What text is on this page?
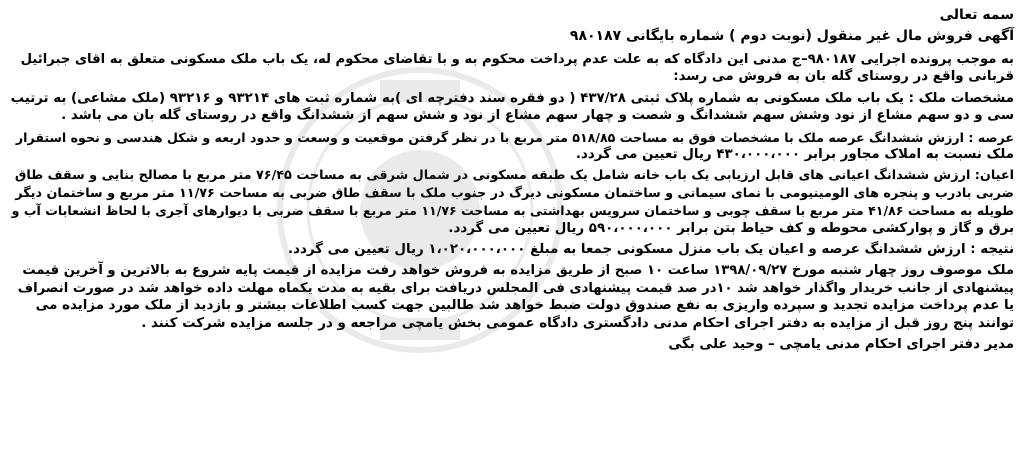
سمه تعالی

آگهی فروش مال غیر منقول (نوبت دوم ) شماره بایگانی ۹۸۰۱۸۷

به موجب پرونده اجرایی ۹۸۰۱۸۷–ج مدنی این دادگاه که به علت عدم پرداخت محکوم به و با تقاضای محکوم له، یک باب ملک مسکونی متعلق به اقای جبرائیل

قربانی واقع در روستای گله بان به فروش می رسد:

مشخصات ملک : یک باب ملک مسکونی به شماره پلاک ثبتی ۴۳۷/۲۸ ( دو فقره سند دفترچه ای )به شماره ثبت های ۹۳۲۱۴ و ۹۳۲۱۶ (ملک مشاعی) به ترتیب

سی و دو سهم مشاع از نود وشش سهم ششدانگ و شصت و چهار سهم مشاع از نود و شش سهم از ششدانگ واقع در روستای گله بان می باشد .

عرصه : ارزش ششدانگ عرصه ملک با مشخصات فوق به مساحت ۵۱۸/۸۵ متر مربع با در نظر گرفتن موقعیت و وسعت و حدود اربعه و شکل هندسی و نحوه استقرار

ملک نسبت به املاک مجاور برابر ۴۳۰،۰۰۰،۰۰۰ ریال تعیین می گردد.

اعیان: ارزش ششدانگ اعیانی های قابل ارزیابی یک باب خانه شامل یک طبقه مسکونی در شمال شرقی به مساحت ۷۶/۴۵ متر مربع با مصالح بنایی و سقف طاق

ضربی بادرب و پنجره های الومینیومی با نمای سیمانی و ساختمان مسکونی دیرگ در جنوب ملک با سقف طاق ضربی به مساحت ۱۱/۷۶ متر مربع و ساختمان دیگر

طویله به مساحت ۴۱/۸۶ متر مربع با سقف چوبی و ساختمان سرویس بهداشتی به مساحت ۱۱/۷۶ متر مربع با سقف ضربی با دیوارهای آجری با لحاظ انشعابات آب و

برق و گاز و پوارکشی محوطه و کف حیاط بتن برابر ۵۹۰،۰۰۰،۰۰۰ ریال تعیین می گردد.

نتیجه : ارزش ششدانگ عرصه و اعیان یک باب منزل مسکونی جمعا به مبلغ ۱،۰۲۰،۰۰۰،۰۰۰ ریال تعیین می گردد.

ملک موصوف روز چهار شنبه مورخ ۱۳۹۸/۰۹/۲۷ ساعت ۱۰ صبح از طریق مزایده به فروش خواهد رفت مزایده از قیمت پایه شروع به بالاترین و آخرین قیمت

پیشنهادی از جانب خریدار واگذار خواهد شد ۱۰در صد قیمت پیشنهادی فی المجلس دریافت برای بقیه به مدت یکماه مهلت داده خواهد شد در صورت انصراف

یا عدم پرداخت مزایده تجدید و سپرده واریزی به نفع صندوق دولت ضبط خواهد شد طالبین جهت کسب اطلاعات بیشتر و بازدید از ملک مورد مزایده می

توانند پنج روز قبل از مزایده به دفتر اجرای احکام مدنی دادگستری دادگاه عمومی بخش یامچی مراجعه و در جلسه مزایده شرکت کنند .

مدیر دفتر اجرای احکام مدنی یامچی – وحید علی بگی
